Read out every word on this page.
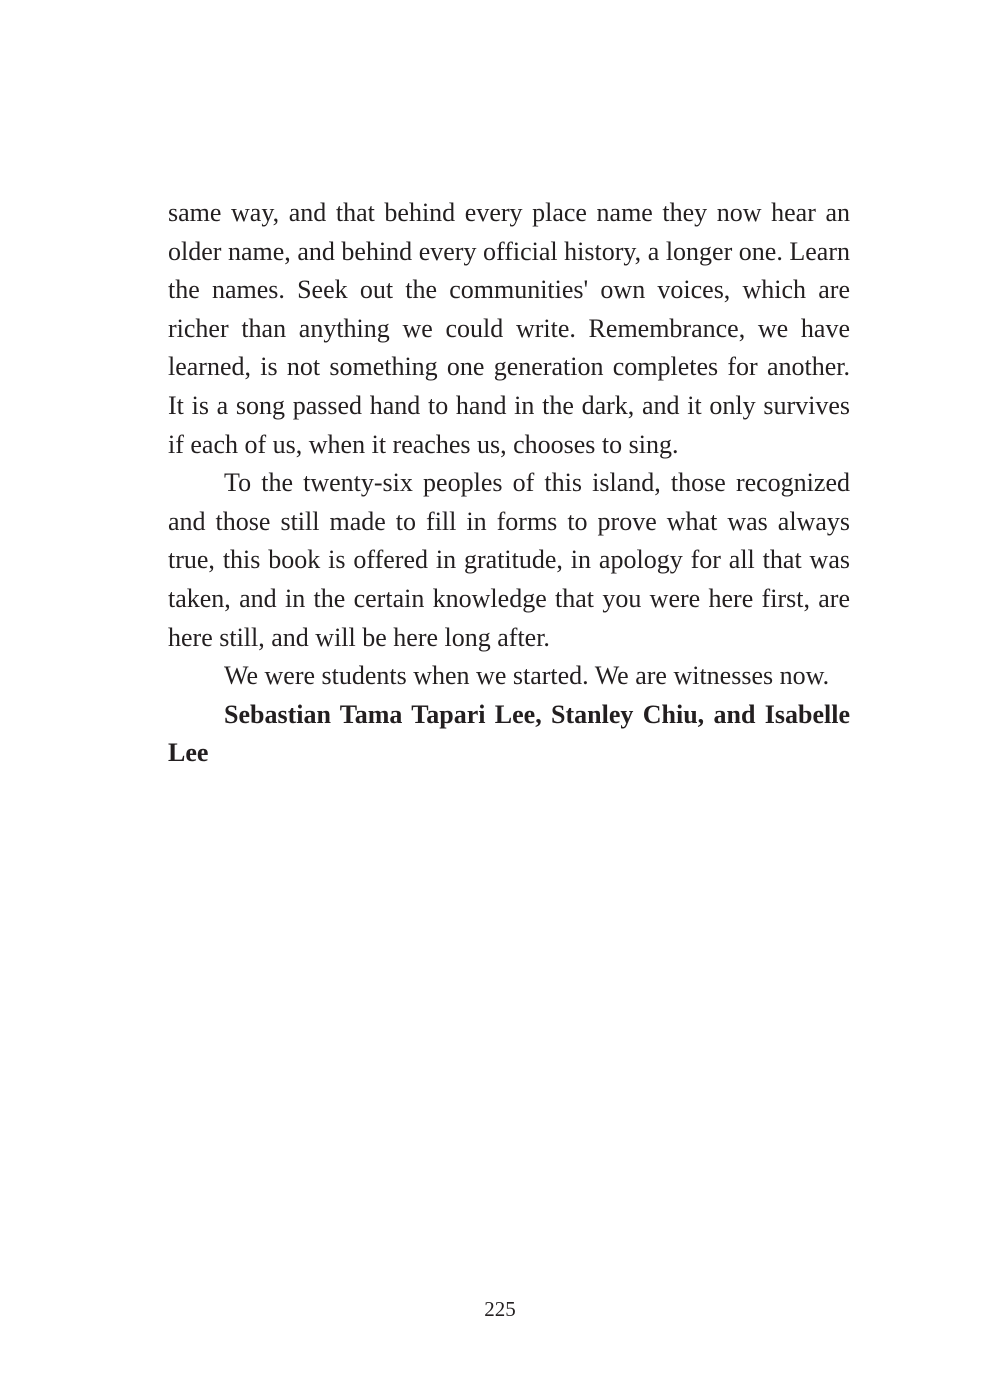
same way, and that behind every place name they now hear an older name, and behind every official history, a longer one. Learn the names. Seek out the communities' own voices, which are richer than anything we could write. Remembrance, we have learned, is not something one generation completes for another. It is a song passed hand to hand in the dark, and it only survives if each of us, when it reaches us, chooses to sing.

To the twenty-six peoples of this island, those recognized and those still made to fill in forms to prove what was always true, this book is offered in gratitude, in apology for all that was taken, and in the certain knowledge that you were here first, are here still, and will be here long after.

We were students when we started. We are witnesses now.

Sebastian Tama Tapari Lee, Stanley Chiu, and Isabelle Lee

225
